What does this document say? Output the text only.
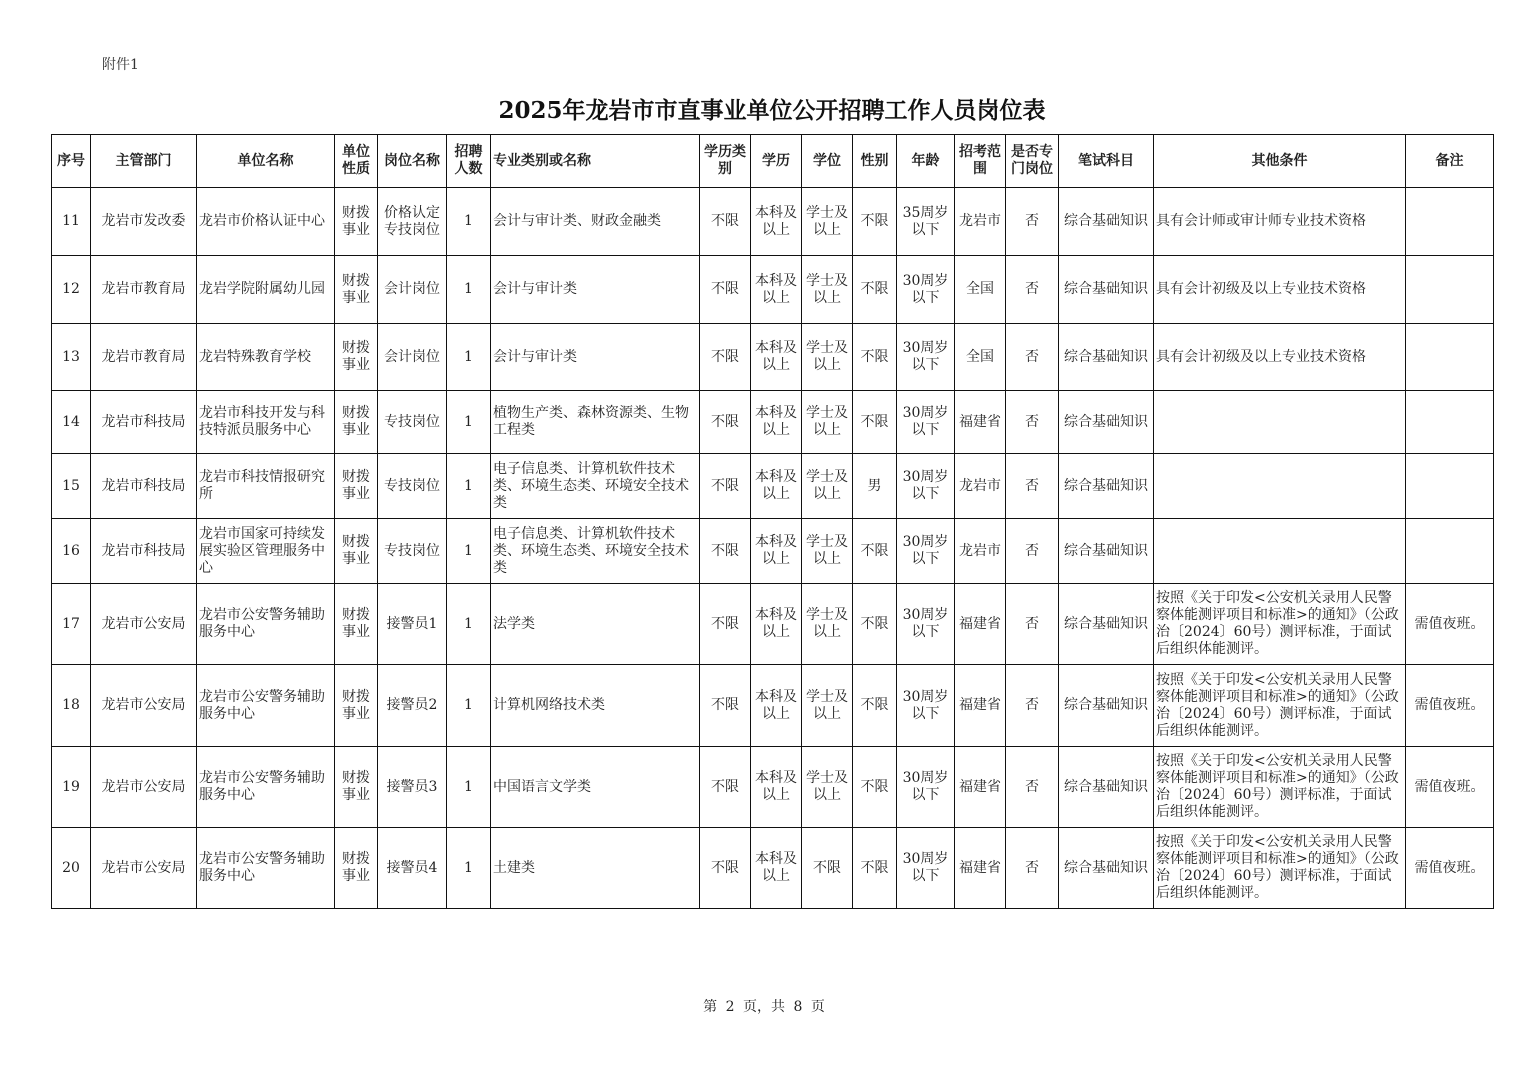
附件1
2025年龙岩市市直事业单位公开招聘工作人员岗位表
序号	主管部门	单位名称	单位性质	岗位名称	招聘人数	专业类别或名称	学历类别	学历	学位	性别	年龄	招考范围	是否专门岗位	笔试科目	其他条件	备注
11	龙岩市发改委	龙岩市价格认证中心	财拨事业	价格认定专技岗位	1	会计与审计类、财政金融类	不限	本科及以上	学士及以上	不限	35周岁以下	龙岩市	否	综合基础知识	具有会计师或审计师专业技术资格	
12	龙岩市教育局	龙岩学院附属幼儿园	财拨事业	会计岗位	1	会计与审计类	不限	本科及以上	学士及以上	不限	30周岁以下	全国	否	综合基础知识	具有会计初级及以上专业技术资格	
13	龙岩市教育局	龙岩特殊教育学校	财拨事业	会计岗位	1	会计与审计类	不限	本科及以上	学士及以上	不限	30周岁以下	全国	否	综合基础知识	具有会计初级及以上专业技术资格	
14	龙岩市科技局	龙岩市科技开发与科技特派员服务中心	财拨事业	专技岗位	1	植物生产类、森林资源类、生物工程类	不限	本科及以上	学士及以上	不限	30周岁以下	福建省	否	综合基础知识		
15	龙岩市科技局	龙岩市科技情报研究所	财拨事业	专技岗位	1	电子信息类、计算机软件技术类、环境生态类、环境安全技术类	不限	本科及以上	学士及以上	男	30周岁以下	龙岩市	否	综合基础知识		
16	龙岩市科技局	龙岩市国家可持续发展实验区管理服务中心	财拨事业	专技岗位	1	电子信息类、计算机软件技术类、环境生态类、环境安全技术类	不限	本科及以上	学士及以上	不限	30周岁以下	龙岩市	否	综合基础知识		
17	龙岩市公安局	龙岩市公安警务辅助服务中心	财拨事业	接警员1	1	法学类	不限	本科及以上	学士及以上	不限	30周岁以下	福建省	否	综合基础知识	按照《关于印发<公安机关录用人民警察体能测评项目和标准>的通知》（公政治〔2024〕60号）测评标准，于面试后组织体能测评。	需值夜班。
18	龙岩市公安局	龙岩市公安警务辅助服务中心	财拨事业	接警员2	1	计算机网络技术类	不限	本科及以上	学士及以上	不限	30周岁以下	福建省	否	综合基础知识	按照《关于印发<公安机关录用人民警察体能测评项目和标准>的通知》（公政治〔2024〕60号）测评标准，于面试后组织体能测评。	需值夜班。
19	龙岩市公安局	龙岩市公安警务辅助服务中心	财拨事业	接警员3	1	中国语言文学类	不限	本科及以上	学士及以上	不限	30周岁以下	福建省	否	综合基础知识	按照《关于印发<公安机关录用人民警察体能测评项目和标准>的通知》（公政治〔2024〕60号）测评标准，于面试后组织体能测评。	需值夜班。
20	龙岩市公安局	龙岩市公安警务辅助服务中心	财拨事业	接警员4	1	土建类	不限	本科及以上	不限	不限	30周岁以下	福建省	否	综合基础知识	按照《关于印发<公安机关录用人民警察体能测评项目和标准>的通知》（公政治〔2024〕60号）测评标准，于面试后组织体能测评。	需值夜班。
第 2 页，共 8 页
